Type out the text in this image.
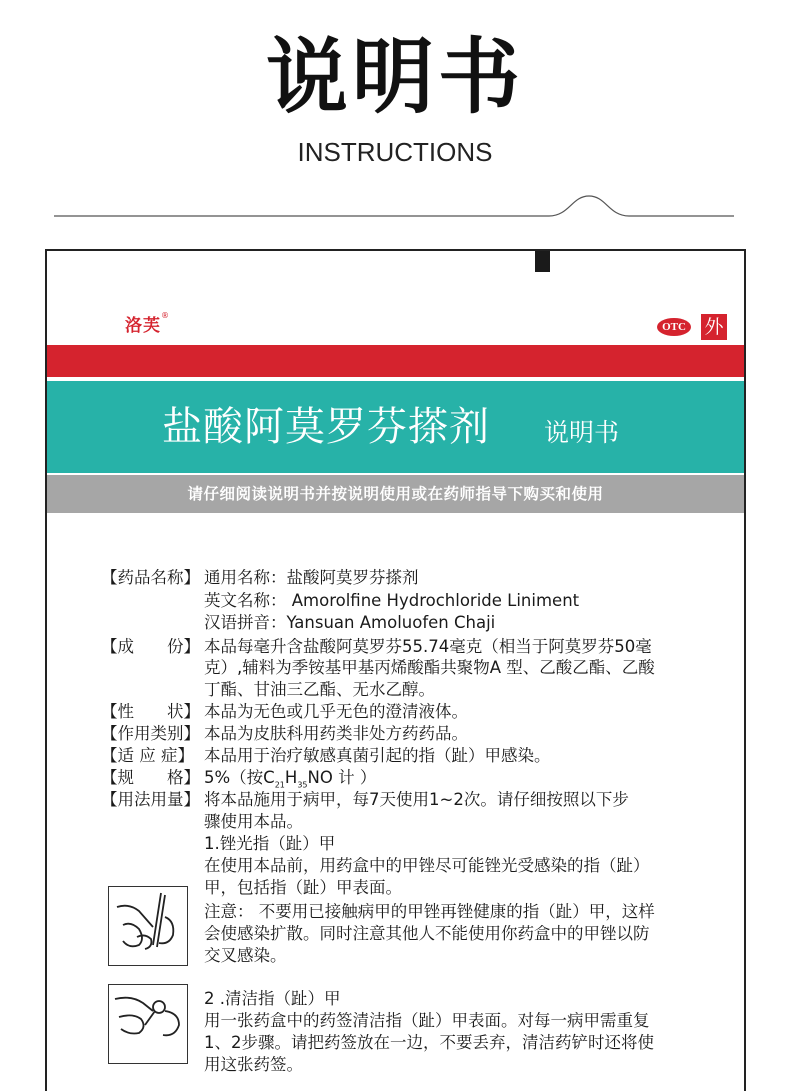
说明书
INSTRUCTIONS
洛芙®
OTC 外
盐酸阿莫罗芬搽剂 说明书
请仔细阅读说明书并按说明使用或在药师指导下购买和使用
【药品名称】 通用名称：盐酸阿莫罗芬搽剂
英文名称： Amorolfine Hydrochloride Liniment
汉语拼音：Yansuan Amoluofen Chaji
【成　　份】 本品每毫升含盐酸阿莫罗芬55.74毫克（相当于阿莫罗芬50毫
克）,辅料为季铵基甲基丙烯酸酯共聚物A 型、乙酸乙酯、乙酸
丁酯、甘油三乙酯、无水乙醇。
【性　　状】 本品为无色或几乎无色的澄清液体。
【作用类别】 本品为皮肤科用药类非处方药药品。
【适 应 症】 本品用于治疗敏感真菌引起的指（趾）甲感染。
【规　　格】 5%（按$C_{21}H_{35}NO$ 计 ）
【用法用量】 将本品施用于病甲，每7天使用1~2次。请仔细按照以下步
骤使用本品。
1.锉光指（趾）甲
在使用本品前，用药盒中的甲锉尽可能锉光受感染的指（趾）
甲，包括指（趾）甲表面。
注意： 不要用已接触病甲的甲锉再锉健康的指（趾）甲，这样
会使感染扩散。同时注意其他人不能使用你药盒中的甲锉以防
交叉感染。
2 .清洁指（趾）甲
用一张药盒中的药签清洁指（趾）甲表面。对每一病甲需重复
1、2步骤。请把药签放在一边，不要丢弃，清洁药铲时还将使
用这张药签。
